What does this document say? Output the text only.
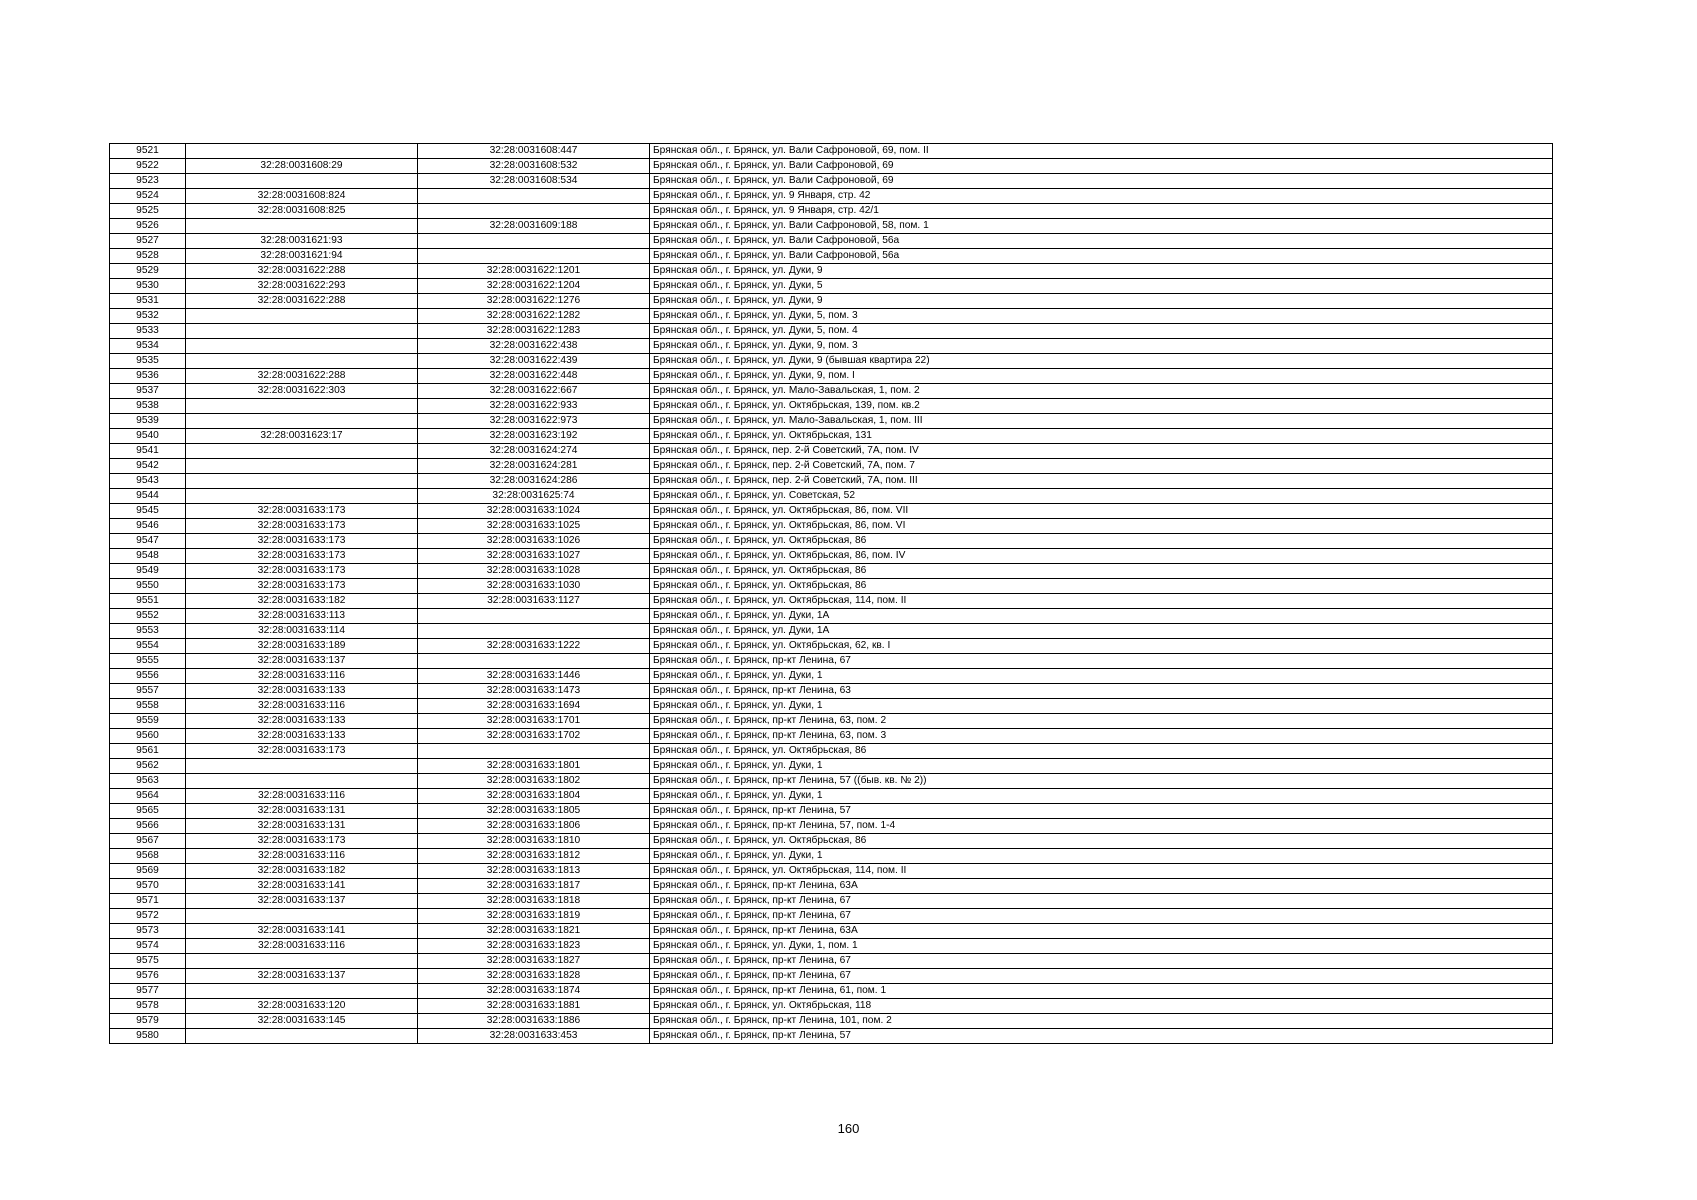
9521		32:28:0031608:447	Брянская обл., г. Брянск, ул. Вали Сафроновой, 69, пом. II
9522	32:28:0031608:29	32:28:0031608:532	Брянская обл., г. Брянск, ул. Вали Сафроновой, 69
9523		32:28:0031608:534	Брянская обл., г. Брянск, ул. Вали Сафроновой, 69
9524	32:28:0031608:824		Брянская обл., г. Брянск, ул. 9 Января, стр. 42
9525	32:28:0031608:825		Брянская обл., г. Брянск, ул. 9 Января, стр. 42/1
9526		32:28:0031609:188	Брянская обл., г. Брянск, ул. Вали Сафроновой, 58, пом. 1
9527	32:28:0031621:93		Брянская обл., г. Брянск, ул. Вали Сафроновой, 56а
9528	32:28:0031621:94		Брянская обл., г. Брянск, ул. Вали Сафроновой, 56а
9529	32:28:0031622:288	32:28:0031622:1201	Брянская обл., г. Брянск, ул. Дуки, 9
9530	32:28:0031622:293	32:28:0031622:1204	Брянская обл., г. Брянск, ул. Дуки, 5
9531	32:28:0031622:288	32:28:0031622:1276	Брянская обл., г. Брянск, ул. Дуки, 9
9532		32:28:0031622:1282	Брянская обл., г. Брянск, ул. Дуки, 5, пом. 3
9533		32:28:0031622:1283	Брянская обл., г. Брянск, ул. Дуки, 5, пом. 4
9534		32:28:0031622:438	Брянская обл., г. Брянск, ул. Дуки, 9, пом. 3
9535		32:28:0031622:439	Брянская обл., г. Брянск, ул. Дуки, 9 (бывшая квартира 22)
9536	32:28:0031622:288	32:28:0031622:448	Брянская обл., г. Брянск, ул. Дуки, 9, пом. I
9537	32:28:0031622:303	32:28:0031622:667	Брянская обл., г. Брянск, ул. Мало-Завальская, 1, пом. 2
9538		32:28:0031622:933	Брянская обл., г. Брянск, ул. Октябрьская, 139, пом. кв.2
9539		32:28:0031622:973	Брянская обл., г. Брянск, ул. Мало-Завальская, 1, пом. III
9540	32:28:0031623:17	32:28:0031623:192	Брянская обл., г. Брянск, ул. Октябрьская, 131
9541		32:28:0031624:274	Брянская обл., г. Брянск, пер. 2-й Советский, 7А, пом. IV
9542		32:28:0031624:281	Брянская обл., г. Брянск, пер. 2-й Советский, 7А, пом. 7
9543		32:28:0031624:286	Брянская обл., г. Брянск, пер. 2-й Советский, 7А, пом. III
9544		32:28:0031625:74	Брянская обл., г. Брянск, ул. Советская, 52
9545	32:28:0031633:173	32:28:0031633:1024	Брянская обл., г. Брянск, ул. Октябрьская, 86, пом. VII
9546	32:28:0031633:173	32:28:0031633:1025	Брянская обл., г. Брянск, ул. Октябрьская, 86, пом. VI
9547	32:28:0031633:173	32:28:0031633:1026	Брянская обл., г. Брянск, ул. Октябрьская, 86
9548	32:28:0031633:173	32:28:0031633:1027	Брянская обл., г. Брянск, ул. Октябрьская, 86, пом. IV
9549	32:28:0031633:173	32:28:0031633:1028	Брянская обл., г. Брянск, ул. Октябрьская, 86
9550	32:28:0031633:173	32:28:0031633:1030	Брянская обл., г. Брянск, ул. Октябрьская, 86
9551	32:28:0031633:182	32:28:0031633:1127	Брянская обл., г. Брянск, ул. Октябрьская, 114, пом. II
9552	32:28:0031633:113		Брянская обл., г. Брянск, ул. Дуки, 1А
9553	32:28:0031633:114		Брянская обл., г. Брянск, ул. Дуки, 1А
9554	32:28:0031633:189	32:28:0031633:1222	Брянская обл., г. Брянск, ул. Октябрьская, 62, кв. I
9555	32:28:0031633:137		Брянская обл., г. Брянск, пр-кт Ленина, 67
9556	32:28:0031633:116	32:28:0031633:1446	Брянская обл., г. Брянск, ул. Дуки, 1
9557	32:28:0031633:133	32:28:0031633:1473	Брянская обл., г. Брянск, пр-кт Ленина, 63
9558	32:28:0031633:116	32:28:0031633:1694	Брянская обл., г. Брянск, ул. Дуки, 1
9559	32:28:0031633:133	32:28:0031633:1701	Брянская обл., г. Брянск, пр-кт Ленина, 63, пом. 2
9560	32:28:0031633:133	32:28:0031633:1702	Брянская обл., г. Брянск, пр-кт Ленина, 63, пом. 3
9561	32:28:0031633:173		Брянская обл., г. Брянск, ул. Октябрьская, 86
9562		32:28:0031633:1801	Брянская обл., г. Брянск, ул. Дуки, 1
9563		32:28:0031633:1802	Брянская обл., г. Брянск, пр-кт Ленина, 57 ((быв. кв. № 2))
9564	32:28:0031633:116	32:28:0031633:1804	Брянская обл., г. Брянск, ул. Дуки, 1
9565	32:28:0031633:131	32:28:0031633:1805	Брянская обл., г. Брянск, пр-кт Ленина, 57
9566	32:28:0031633:131	32:28:0031633:1806	Брянская обл., г. Брянск, пр-кт Ленина, 57, пом. 1-4
9567	32:28:0031633:173	32:28:0031633:1810	Брянская обл., г. Брянск, ул. Октябрьская, 86
9568	32:28:0031633:116	32:28:0031633:1812	Брянская обл., г. Брянск, ул. Дуки, 1
9569	32:28:0031633:182	32:28:0031633:1813	Брянская обл., г. Брянск, ул. Октябрьская, 114, пом. II
9570	32:28:0031633:141	32:28:0031633:1817	Брянская обл., г. Брянск, пр-кт Ленина, 63А
9571	32:28:0031633:137	32:28:0031633:1818	Брянская обл., г. Брянск, пр-кт Ленина, 67
9572		32:28:0031633:1819	Брянская обл., г. Брянск, пр-кт Ленина, 67
9573	32:28:0031633:141	32:28:0031633:1821	Брянская обл., г. Брянск, пр-кт Ленина, 63А
9574	32:28:0031633:116	32:28:0031633:1823	Брянская обл., г. Брянск, ул. Дуки, 1, пом. 1
9575		32:28:0031633:1827	Брянская обл., г. Брянск, пр-кт Ленина, 67
9576	32:28:0031633:137	32:28:0031633:1828	Брянская обл., г. Брянск, пр-кт Ленина, 67
9577		32:28:0031633:1874	Брянская обл., г. Брянск, пр-кт Ленина, 61, пом. 1
9578	32:28:0031633:120	32:28:0031633:1881	Брянская обл., г. Брянск, ул. Октябрьская, 118
9579	32:28:0031633:145	32:28:0031633:1886	Брянская обл., г. Брянск, пр-кт Ленина, 101, пом. 2
9580		32:28:0031633:453	Брянская обл., г. Брянск, пр-кт Ленина, 57
160
